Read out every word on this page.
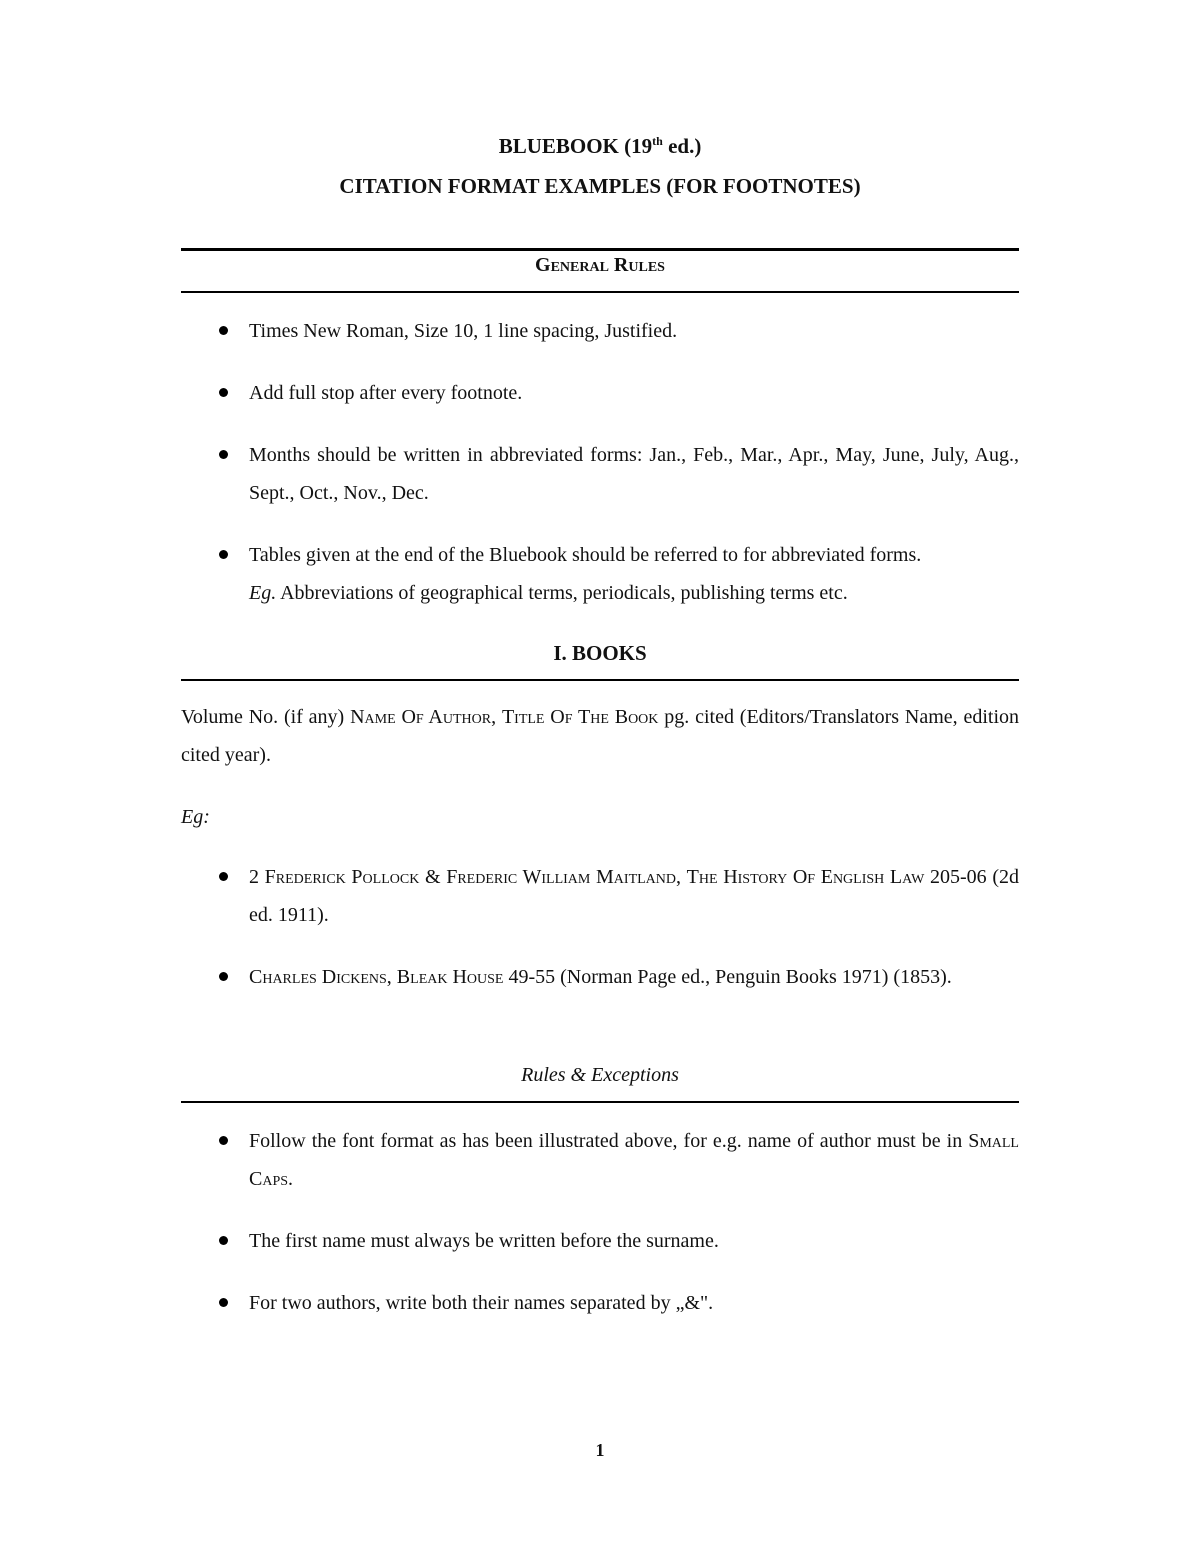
BLUEBOOK (19th ed.)
CITATION FORMAT EXAMPLES (FOR FOOTNOTES)
General Rules
Times New Roman, Size 10, 1 line spacing, Justified.
Add full stop after every footnote.
Months should be written in abbreviated forms: Jan., Feb., Mar., Apr., May, June, July, Aug., Sept., Oct., Nov., Dec.
Tables given at the end of the Bluebook should be referred to for abbreviated forms.
Eg. Abbreviations of geographical terms, periodicals, publishing terms etc.
I. BOOKS
Volume No. (if any) Name Of Author, Title Of The Book pg. cited (Editors/Translators Name, edition cited year).
Eg:
2 Frederick Pollock & Frederic William Maitland, The History Of English Law 205-06 (2d ed. 1911).
Charles Dickens, Bleak House 49-55 (Norman Page ed., Penguin Books 1971) (1853).
Rules & Exceptions
Follow the font format as has been illustrated above, for e.g. name of author must be in Small Caps.
The first name must always be written before the surname.
For two authors, write both their names separated by „&".
1
